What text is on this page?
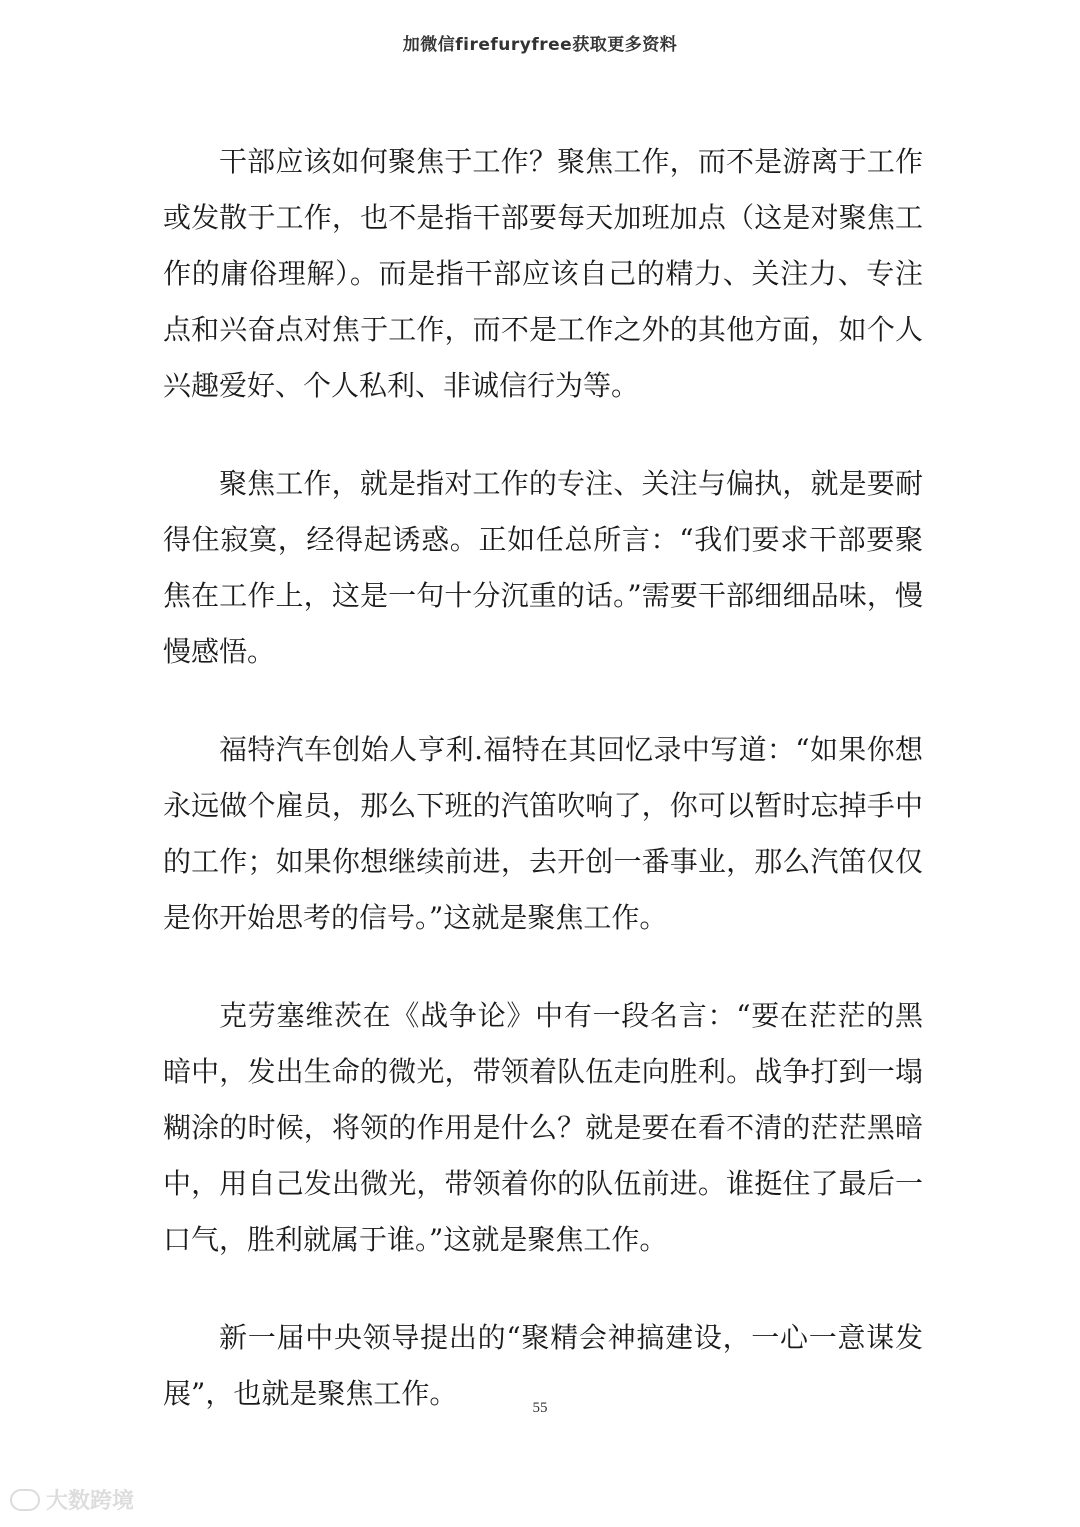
加微信firefuryfree获取更多资料

干部应该如何聚焦于工作？聚焦工作，而不是游离于工作或发散于工作，也不是指干部要每天加班加点（这是对聚焦工作的庸俗理解）。而是指干部应该自己的精力、关注力、专注点和兴奋点对焦于工作，而不是工作之外的其他方面，如个人兴趣爱好、个人私利、非诚信行为等。

聚焦工作，就是指对工作的专注、关注与偏执，就是要耐得住寂寞，经得起诱惑。正如任总所言：“我们要求干部要聚焦在工作上，这是一句十分沉重的话。”需要干部细细品味，慢慢感悟。

福特汽车创始人亨利.福特在其回忆录中写道：“如果你想永远做个雇员，那么下班的汽笛吹响了，你可以暂时忘掉手中的工作；如果你想继续前进，去开创一番事业，那么汽笛仅仅是你开始思考的信号。”这就是聚焦工作。

克劳塞维茨在《战争论》中有一段名言：“要在茫茫的黑暗中，发出生命的微光，带领着队伍走向胜利。战争打到一塌糊涂的时候，将领的作用是什么？就是要在看不清的茫茫黑暗中，用自己发出微光，带领着你的队伍前进。谁挺住了最后一口气，胜利就属于谁。”这就是聚焦工作。

新一届中央领导提出的“聚精会神搞建设，一心一意谋发展”，也就是聚焦工作。	55
大数跨境
